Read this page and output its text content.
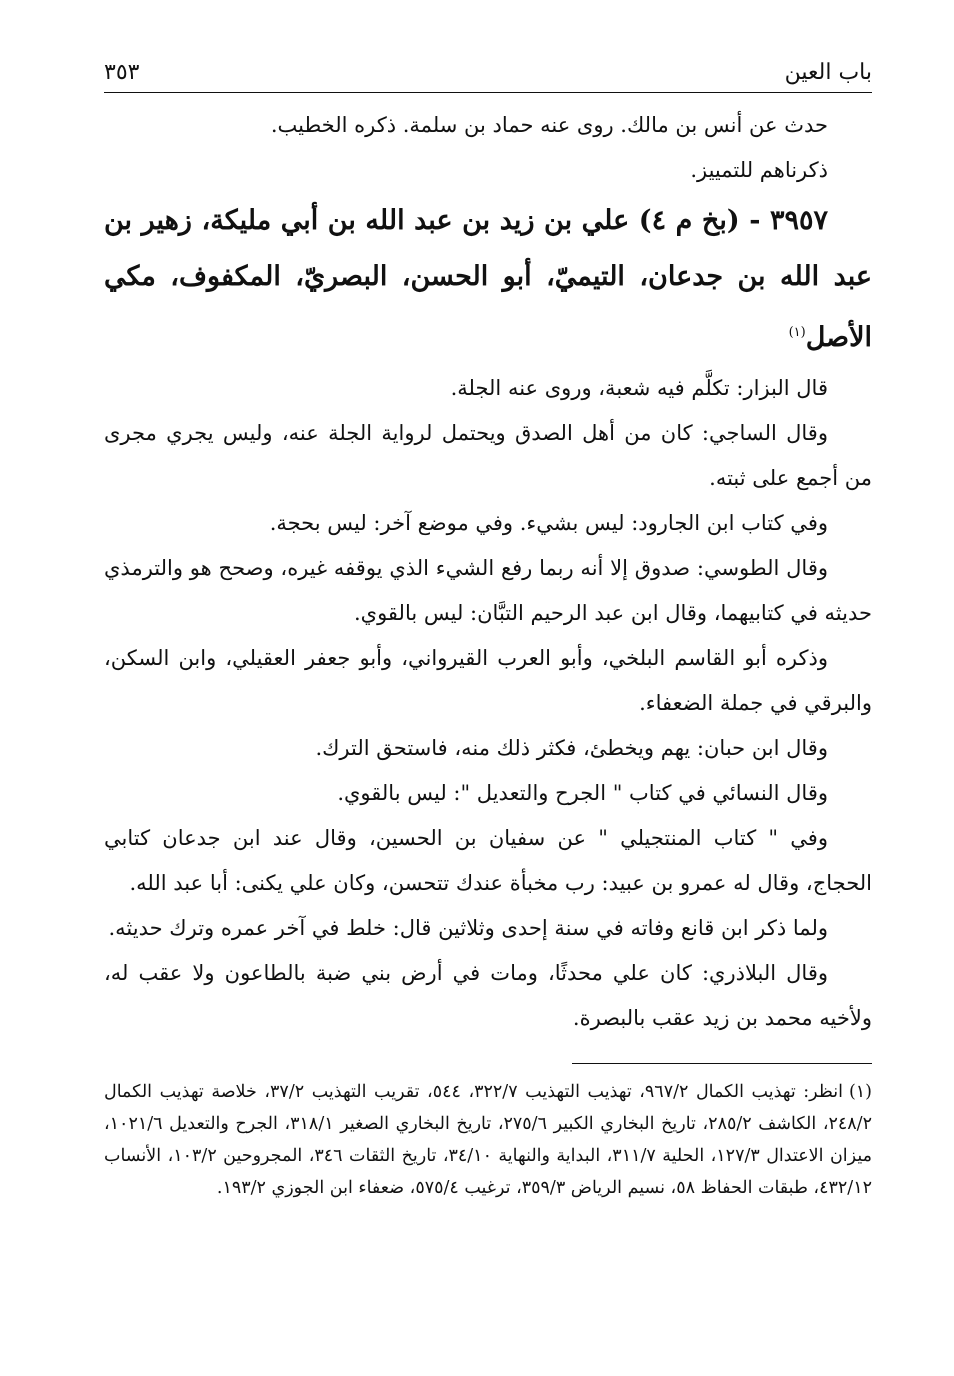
باب العين
٣٥٣

حدث عن أنس بن مالك. روى عنه حماد بن سلمة. ذكره الخطيب.

ذكرناهم للتمييز.

٣٩٥٧ - (بخ م ٤) علي بن زيد بن عبد الله بن أبي مليكة، زهير بن عبد الله بن جدعان، التيميّ، أبو الحسن، البصريّ، المكفوف، مكي الأصل$^{(١)}$

قال البزار: تكلَّم فيه شعبة، وروى عنه الجلة.

وقال الساجي: كان من أهل الصدق ويحتمل لرواية الجلة عنه، وليس يجري مجرى من أجمع على ثبته.

وفي كتاب ابن الجارود: ليس بشيء. وفي موضع آخر: ليس بحجة.

وقال الطوسي: صدوق إلا أنه ربما رفع الشيء الذي يوقفه غيره، وصحح هو والترمذي حديثه في كتابيهما، وقال ابن عبد الرحيم التبَّان: ليس بالقوي.

وذكره أبو القاسم البلخي، وأبو العرب القيرواني، وأبو جعفر العقيلي، وابن السكن، والبرقي في جملة الضعفاء.

وقال ابن حبان: يهم ويخطئ، فكثر ذلك منه، فاستحق الترك.

وقال النسائي في كتاب " الجرح والتعديل ": ليس بالقوي.

وفي " كتاب المنتجيلي " عن سفيان بن الحسين، وقال عند ابن جدعان كتابي الحجاج، وقال له عمرو بن عبيد: رب مخبأة عندك تتحسن، وكان علي يكنى: أبا عبد الله.

ولما ذكر ابن قانع وفاته في سنة إحدى وثلاثين قال: خلط في آخر عمره وترك حديثه.

وقال البلاذري: كان علي محدثًا، ومات في أرض بني ضبة بالطاعون ولا عقب له، ولأخيه محمد بن زيد عقب بالبصرة.

(١)انظر: تهذيب الكمال ٩٦٧/٢، تهذيب التهذيب ٣٢٢/٧، ٥٤٤، تقريب التهذيب ٣٧/٢، خلاصة تهذيب الكمال ٢٤٨/٢، الكاشف ٢٨٥/٢، تاريخ البخاري الكبير ٢٧٥/٦، تاريخ البخاري الصغير ٣١٨/١، الجرح والتعديل ١٠٢١/٦، ميزان الاعتدال ١٢٧/٣، الحلية ٣١١/٧، البداية والنهاية ٣٤/١٠، تاريخ الثقات ٣٤٦، المجروحين ١٠٣/٢، الأنساب ٤٣٢/١٢، طبقات الحفاظ ٥٨، نسيم الرياض ٣٥٩/٣، ترغيب ٥٧٥/٤، ضعفاء ابن الجوزي ١٩٣/٢.
